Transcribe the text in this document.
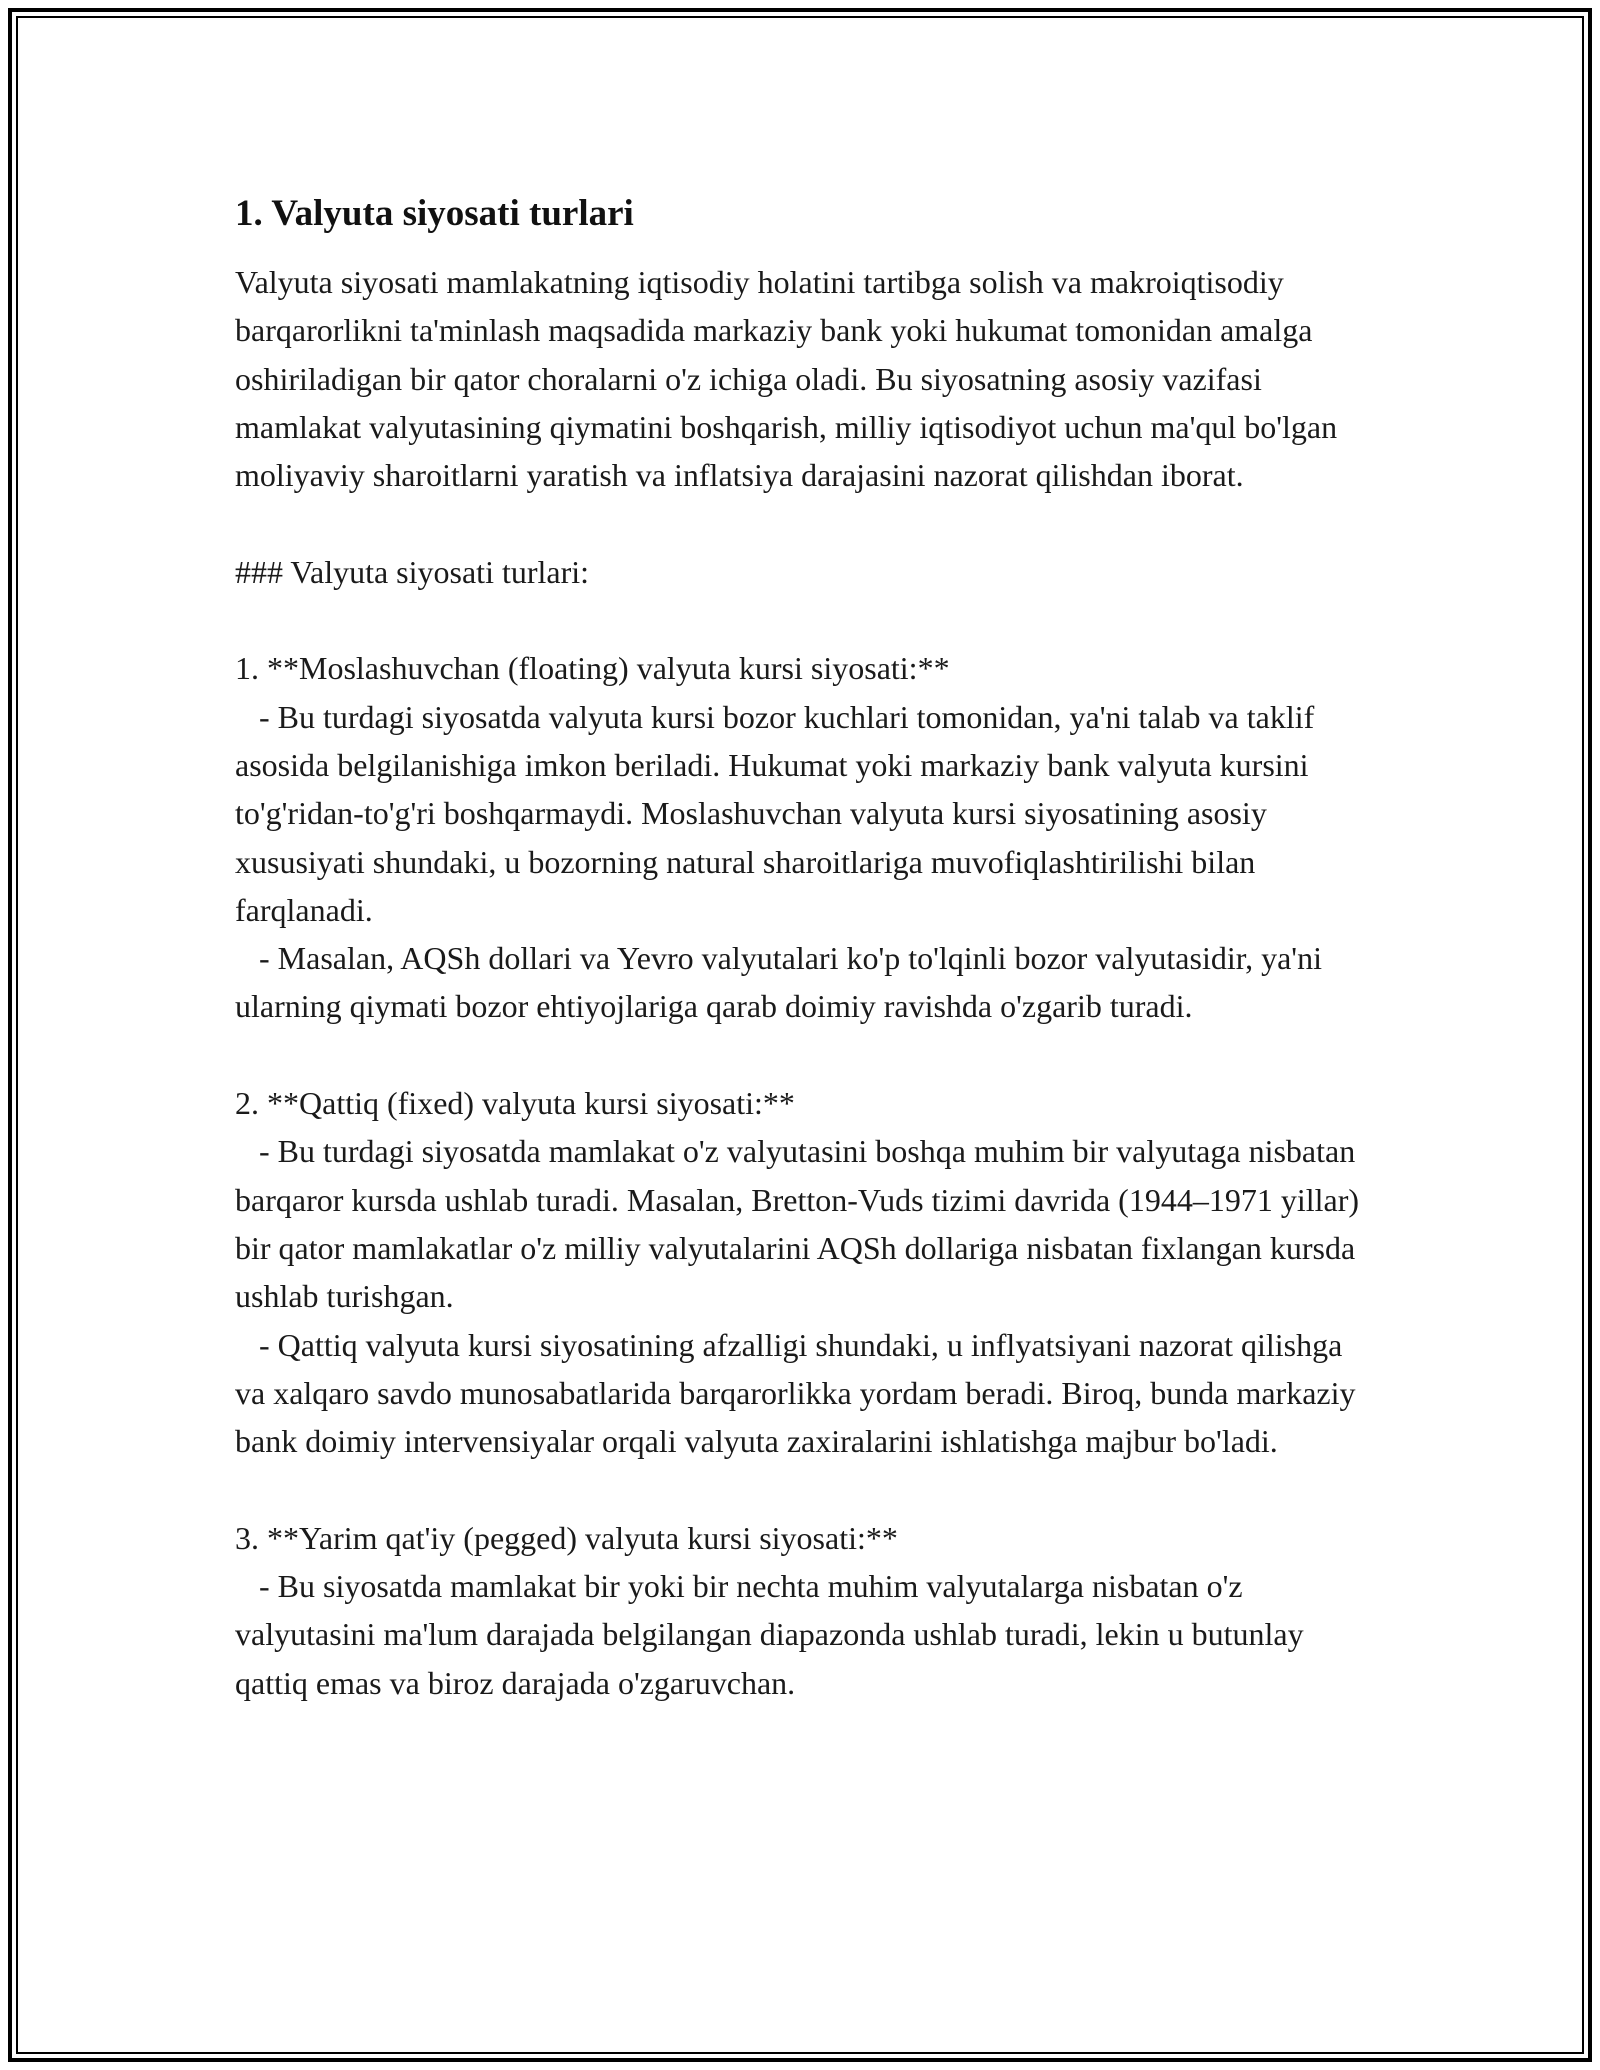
1. Valyuta siyosati turlari

Valyuta siyosati mamlakatning iqtisodiy holatini tartibga solish va makroiqtisodiy barqarorlikni ta'minlash maqsadida markaziy bank yoki hukumat tomonidan amalga oshiriladigan bir qator choralarni o'z ichiga oladi. Bu siyosatning asosiy vazifasi mamlakat valyutasining qiymatini boshqarish, milliy iqtisodiyot uchun ma'qul bo'lgan moliyaviy sharoitlarni yaratish va inflatsiya darajasini nazorat qilishdan iborat.

### Valyuta siyosati turlari:

1. **Moslashuvchan (floating) valyuta kursi siyosati:**

- Bu turdagi siyosatda valyuta kursi bozor kuchlari tomonidan, ya'ni talab va taklif asosida belgilanishiga imkon beriladi. Hukumat yoki markaziy bank valyuta kursini to'g'ridan-to'g'ri boshqarmaydi. Moslashuvchan valyuta kursi siyosatining asosiy xususiyati shundaki, u bozorning natural sharoitlariga muvofiqlashtirilishi bilan farqlanadi.

- Masalan, AQSh dollari va Yevro valyutalari ko'p to'lqinli bozor valyutasidir, ya'ni ularning qiymati bozor ehtiyojlariga qarab doimiy ravishda o'zgarib turadi.

2. **Qattiq (fixed) valyuta kursi siyosati:**

- Bu turdagi siyosatda mamlakat o'z valyutasini boshqa muhim bir valyutaga nisbatan barqaror kursda ushlab turadi. Masalan, Bretton-Vuds tizimi davrida (1944–1971 yillar) bir qator mamlakatlar o'z milliy valyutalarini AQSh dollariga nisbatan fixlangan kursda ushlab turishgan.

- Qattiq valyuta kursi siyosatining afzalligi shundaki, u inflyatsiyani nazorat qilishga va xalqaro savdo munosabatlarida barqarorlikka yordam beradi. Biroq, bunda markaziy bank doimiy intervensiyalar orqali valyuta zaxiralarini ishlatishga majbur bo'ladi.

3. **Yarim qat'iy (pegged) valyuta kursi siyosati:**

- Bu siyosatda mamlakat bir yoki bir nechta muhim valyutalarga nisbatan o'z valyutasini ma'lum darajada belgilangan diapazonda ushlab turadi, lekin u butunlay qattiq emas va biroz darajada o'zgaruvchan.
